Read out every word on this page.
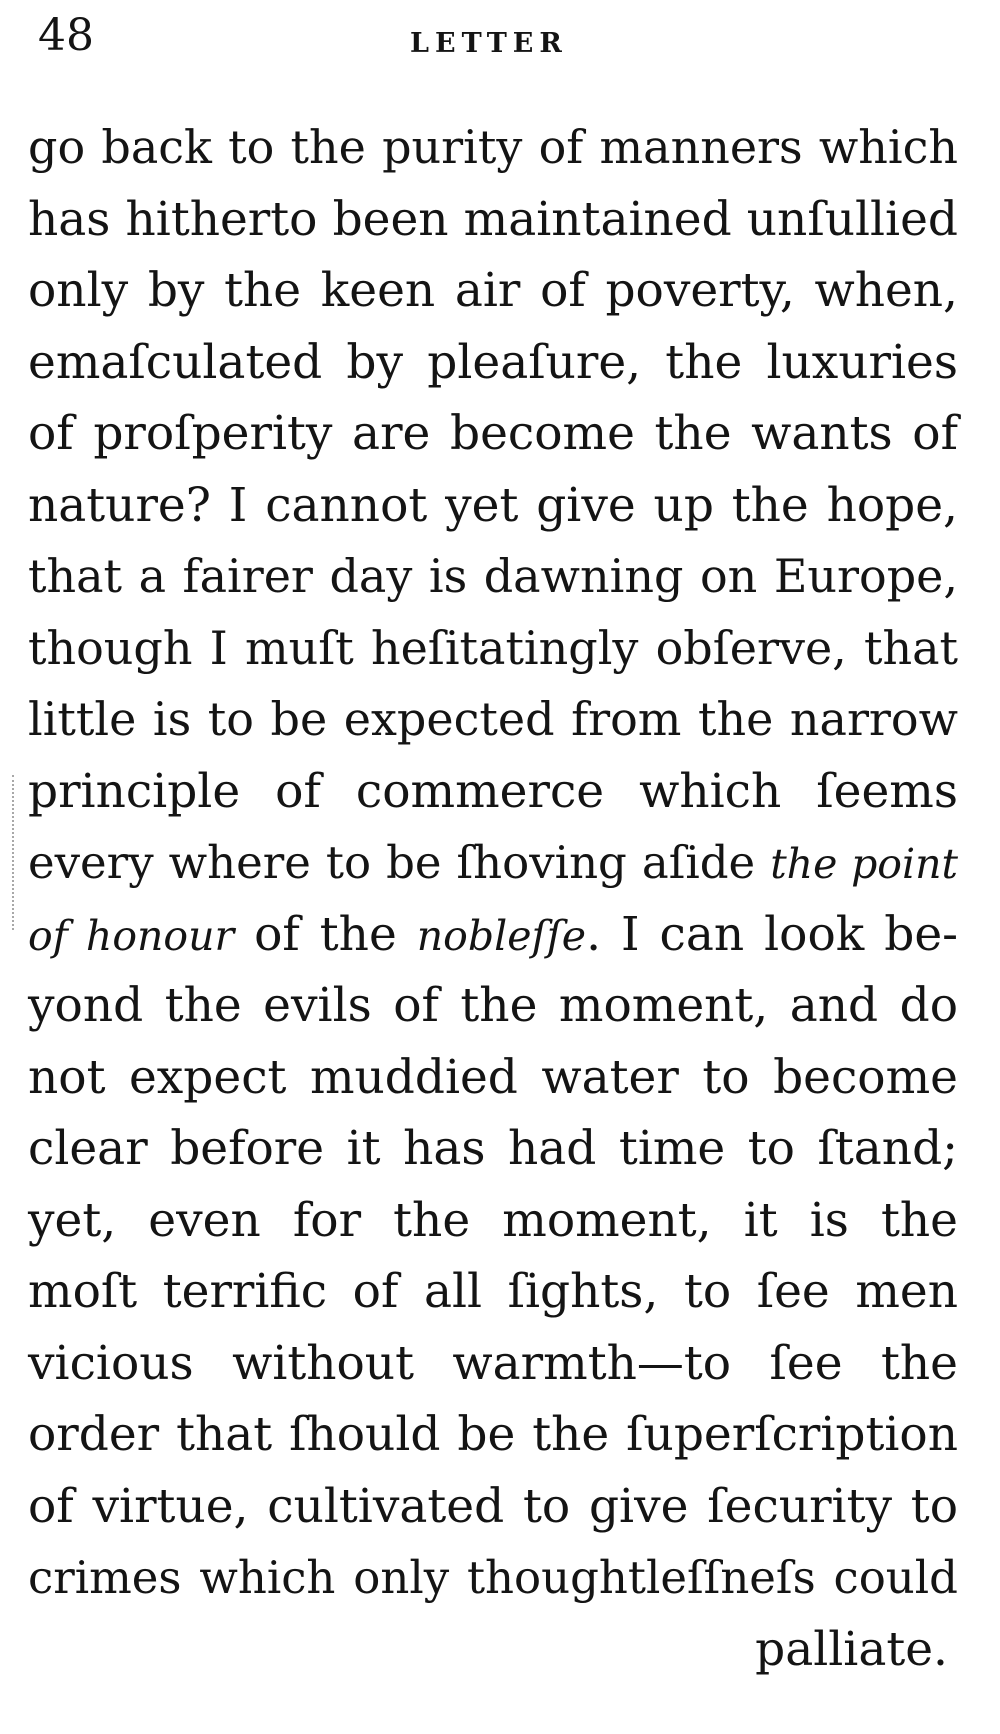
48	LETTER
go back to the purity of manners which
has hitherto been maintained unſullied
only by the keen air of poverty, when,
emaſculated by pleaſure, the luxuries
of proſperity are become the wants of
nature? I cannot yet give up the hope,
that a fairer day is dawning on Europe,
though I muſt heſitatingly obſerve, that
little is to be expected from the narrow
principle of commerce which ſeems
every where to be ſhoving aſide the point
of honour of the nobleſſe. I can look be-
yond the evils of the moment, and do
not expect muddied water to become
clear before it has had time to ſtand;
yet, even for the moment, it is the
moſt terrific of all ſights, to ſee men
vicious without warmth—to ſee the
order that ſhould be the ſuperſcription
of virtue, cultivated to give ſecurity to
crimes which only thoughtleſſneſs could
palliate.
